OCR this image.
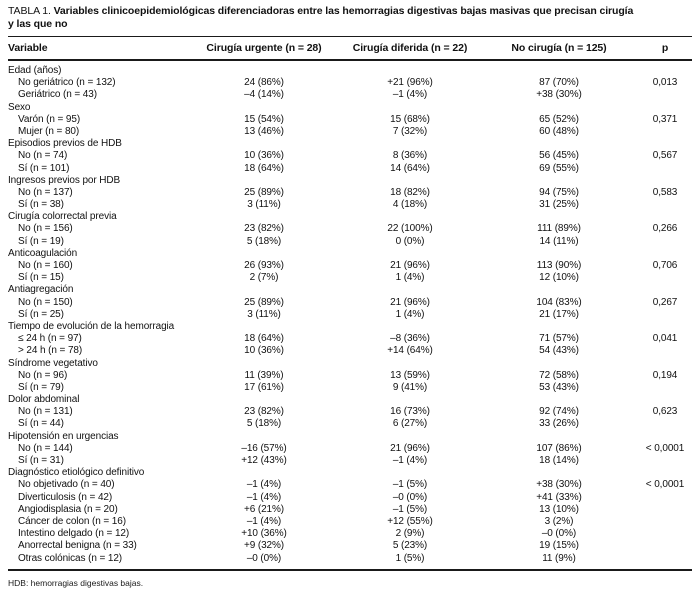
TABLA 1. Variables clinicoepidemiológicas diferenciadoras entre las hemorragias digestivas bajas masivas que precisan cirugía
y las que no
Variable	Cirugía urgente (n = 28)	Cirugía diferida (n = 22)	No cirugía (n = 125)	p
Edad (años)
No geriátrico (n = 132)	24 (86%)	+21 (96%)	87 (70%)	0,013
Geriátrico (n = 43)	–4 (14%)	–1 (4%)	+38 (30%)
Sexo
Varón (n = 95)	15 (54%)	15 (68%)	65 (52%)	0,371
Mujer (n = 80)	13 (46%)	7 (32%)	60 (48%)
Episodios previos de HDB
No (n = 74)	10 (36%)	8 (36%)	56 (45%)	0,567
Sí (n = 101)	18 (64%)	14 (64%)	69 (55%)
Ingresos previos por HDB
No (n = 137)	25 (89%)	18 (82%)	94 (75%)	0,583
Sí (n = 38)	3 (11%)	4 (18%)	31 (25%)
Cirugía colorrectal previa
No (n = 156)	23 (82%)	22 (100%)	111 (89%)	0,266
Sí (n = 19)	5 (18%)	0 (0%)	14 (11%)
Anticoagulación
No (n = 160)	26 (93%)	21 (96%)	113 (90%)	0,706
Sí (n = 15)	2 (7%)	1 (4%)	12 (10%)
Antiagregación
No (n = 150)	25 (89%)	21 (96%)	104 (83%)	0,267
Sí (n = 25)	3 (11%)	1 (4%)	21 (17%)
Tiempo de evolución de la hemorragia
≤ 24 h (n = 97)	18 (64%)	–8 (36%)	71 (57%)	0,041
> 24 h (n = 78)	10 (36%)	+14 (64%)	54 (43%)
Síndrome vegetativo
No (n = 96)	11 (39%)	13 (59%)	72 (58%)	0,194
Sí (n = 79)	17 (61%)	9 (41%)	53 (43%)
Dolor abdominal
No (n = 131)	23 (82%)	16 (73%)	92 (74%)	0,623
Sí (n = 44)	5 (18%)	6 (27%)	33 (26%)
Hipotensión en urgencias
No (n = 144)	–16 (57%)	21 (96%)	107 (86%)	< 0,0001
Sí (n = 31)	+12 (43%)	–1 (4%)	18 (14%)
Diagnóstico etiológico definitivo
No objetivado (n = 40)	–1 (4%)	–1 (5%)	+38 (30%)	< 0,0001
Diverticulosis (n = 42)	–1 (4%)	–0 (0%)	+41 (33%)
Angiodisplasia (n = 20)	+6 (21%)	–1 (5%)	13 (10%)
Cáncer de colon (n = 16)	–1 (4%)	+12 (55%)	3 (2%)
Intestino delgado (n = 12)	+10 (36%)	2 (9%)	–0 (0%)
Anorrectal benigna (n = 33)	+9 (32%)	5 (23%)	19 (15%)
Otras colónicas (n = 12)	–0 (0%)	1 (5%)	11 (9%)
HDB: hemorragias digestivas bajas.
